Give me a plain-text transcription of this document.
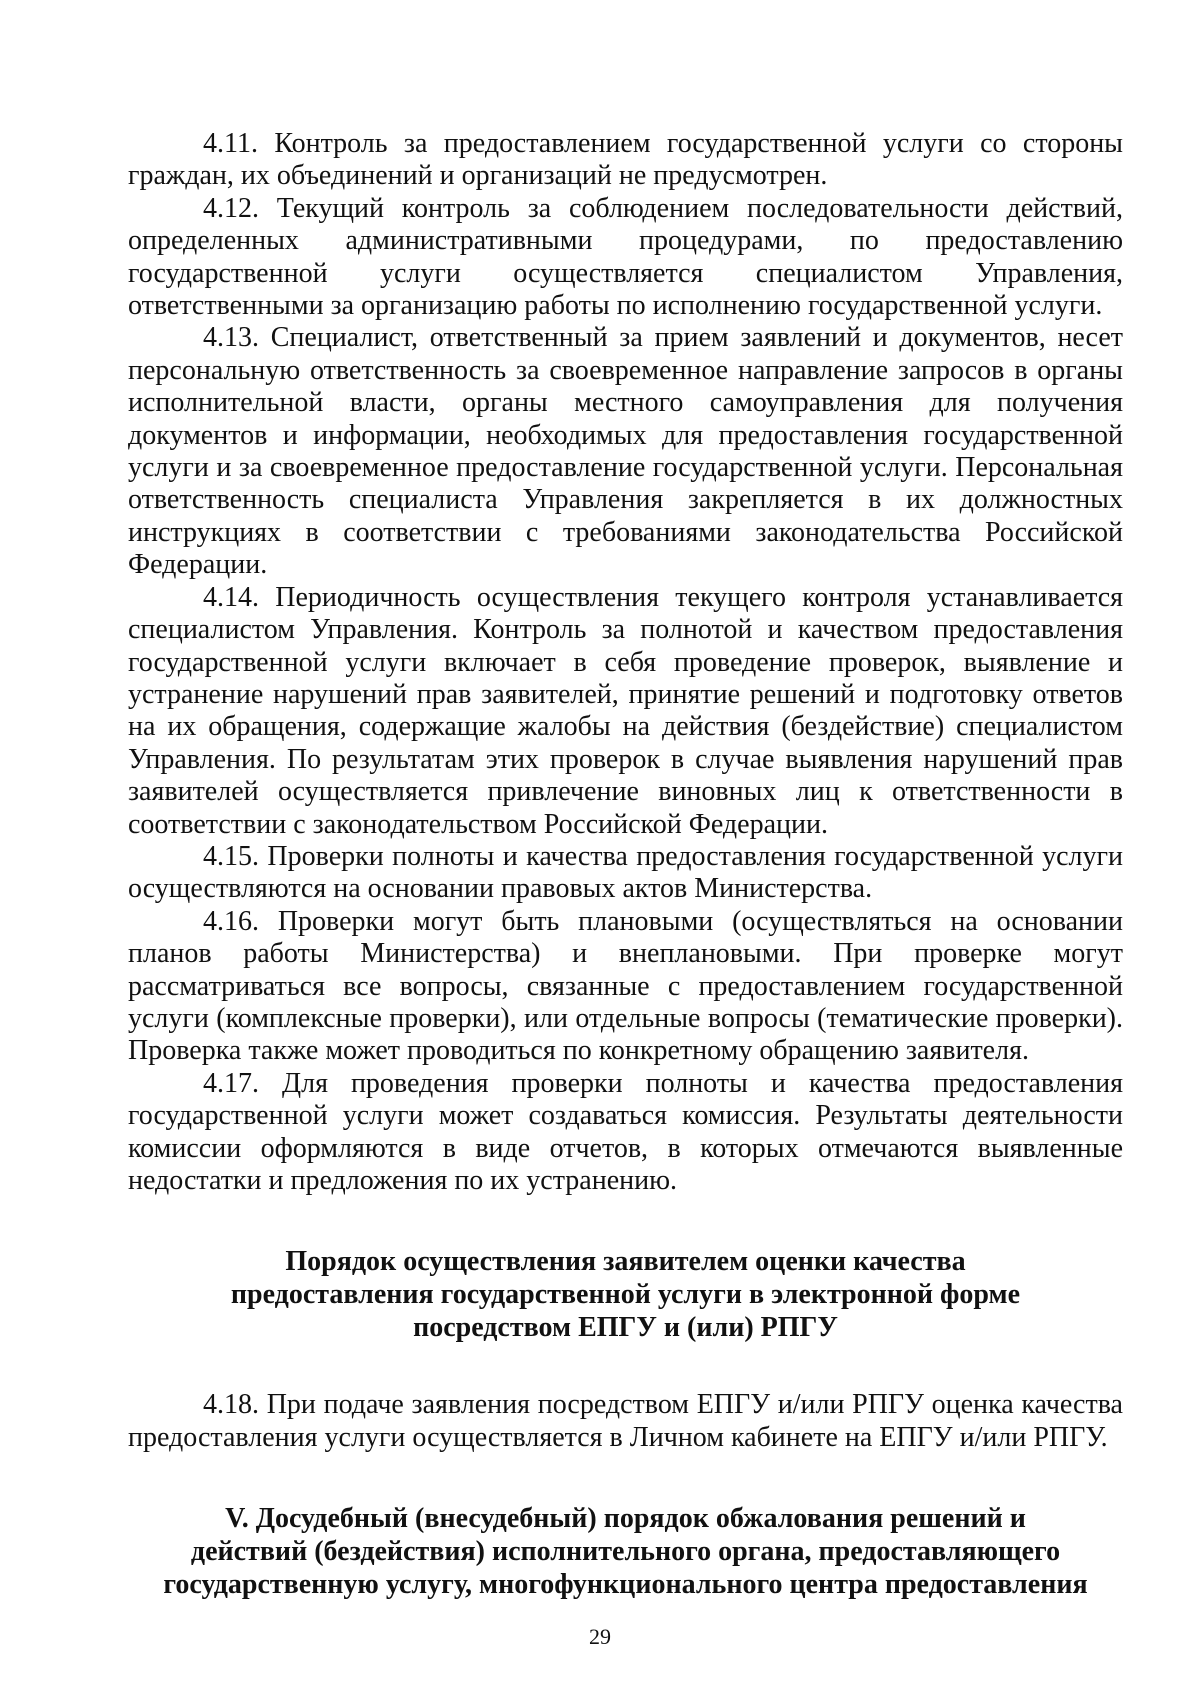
4.11. Контроль за предоставлением государственной услуги со стороны граждан, их объединений и организаций не предусмотрен.

4.12. Текущий контроль за соблюдением последовательности действий, определенных административными процедурами, по предоставлению государственной услуги осуществляется специалистом Управления, ответственными за организацию работы по исполнению государственной услуги.

4.13. Специалист, ответственный за прием заявлений и документов, несет персональную ответственность за своевременное направление запросов в органы исполнительной власти, органы местного самоуправления для получения документов и информации, необходимых для предоставления государственной услуги и за своевременное предоставление государственной услуги. Персональная ответственность специалиста Управления закрепляется в их должностных инструкциях в соответствии с требованиями законодательства Российской Федерации.

4.14. Периодичность осуществления текущего контроля устанавливается специалистом Управления. Контроль за полнотой и качеством предоставления государственной услуги включает в себя проведение проверок, выявление и устранение нарушений прав заявителей, принятие решений и подготовку ответов на их обращения, содержащие жалобы на действия (бездействие) специалистом Управления. По результатам этих проверок в случае выявления нарушений прав заявителей осуществляется привлечение виновных лиц к ответственности в соответствии с законодательством Российской Федерации.

4.15. Проверки полноты и качества предоставления государственной услуги осуществляются на основании правовых актов Министерства.

4.16. Проверки могут быть плановыми (осуществляться на основании планов работы Министерства) и внеплановыми. При проверке могут рассматриваться все вопросы, связанные с предоставлением государственной услуги (комплексные проверки), или отдельные вопросы (тематические проверки). Проверка также может проводиться по конкретному обращению заявителя.

4.17. Для проведения проверки полноты и качества предоставления государственной услуги может создаваться комиссия. Результаты деятельности комиссии оформляются в виде отчетов, в которых отмечаются выявленные недостатки и предложения по их устранению.

Порядок осуществления заявителем оценки качества
предоставления государственной услуги в электронной форме
посредством ЕПГУ и (или) РПГУ

4.18. При подаче заявления посредством ЕПГУ и/или РПГУ оценка качества предоставления услуги осуществляется в Личном кабинете на ЕПГУ и/или РПГУ.

V. Досудебный (внесудебный) порядок обжалования решений и
действий (бездействия) исполнительного органа, предоставляющего
государственную услугу, многофункционального центра предоставления
29
